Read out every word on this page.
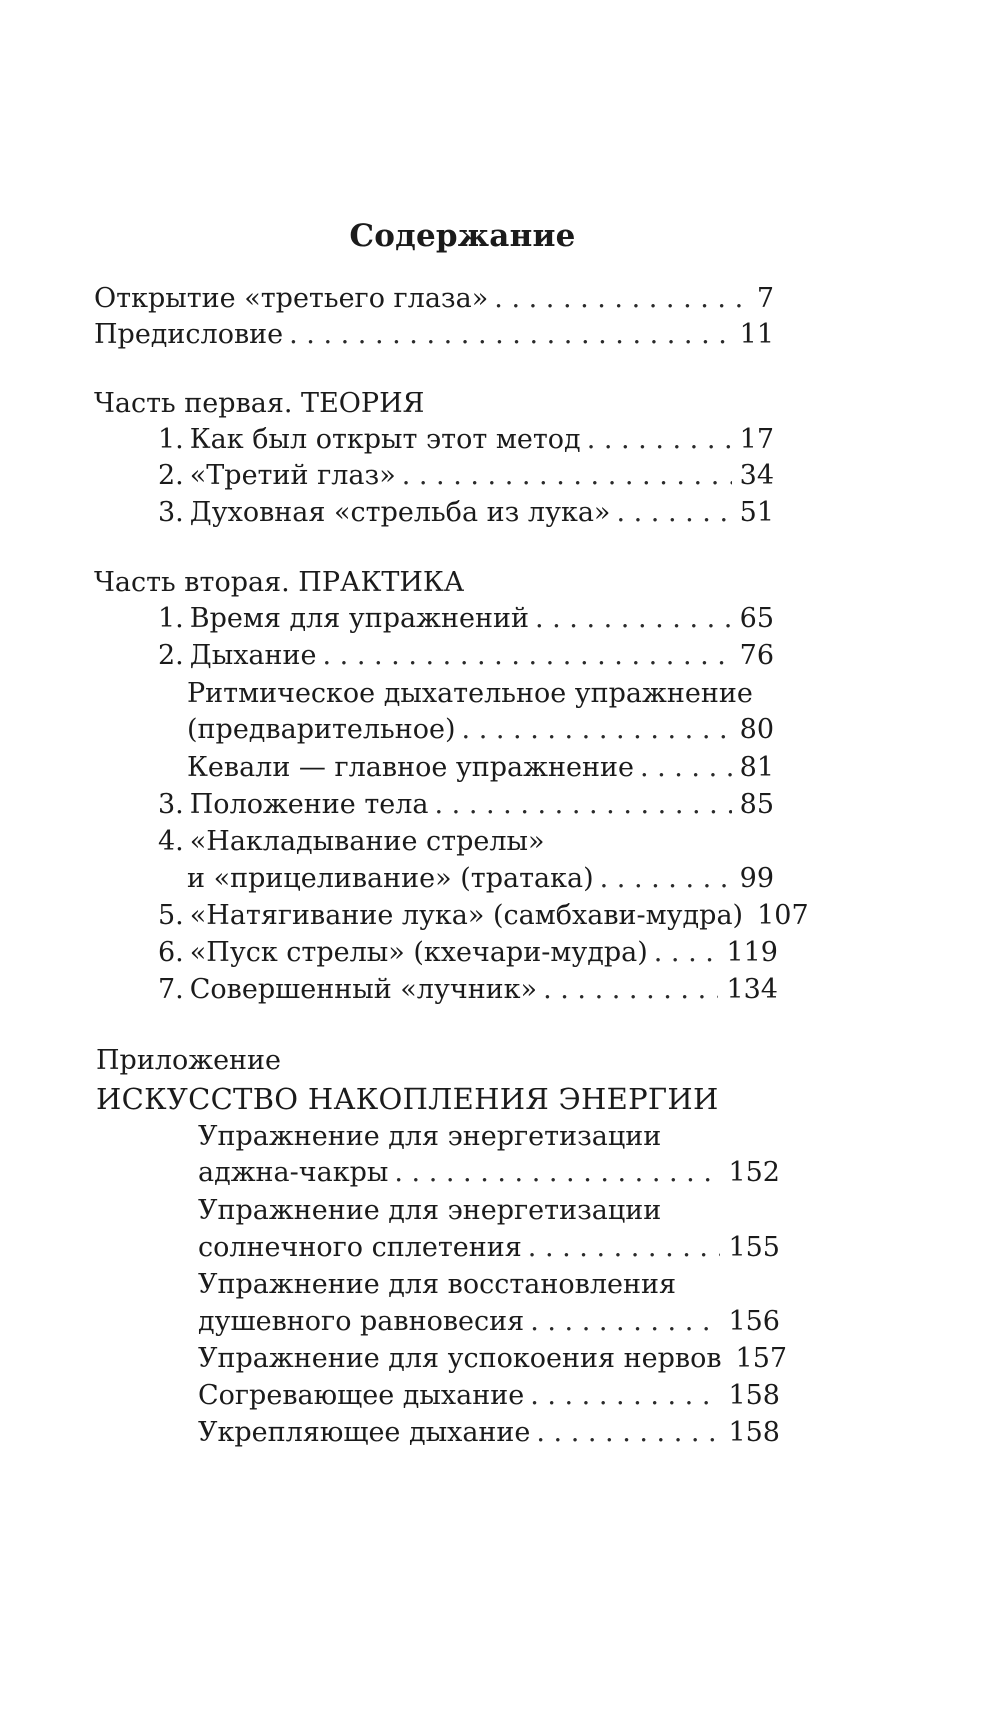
Содержание
Открытие «третьего глаза» . . .	7
Предисловие . . .	11
Часть первая. ТЕОРИЯ
1. Как был открыт этот метод . . .	17
2. «Третий глаз» . . .	34
3. Духовная «стрельба из лука» . . .	51
Часть вторая. ПРАКТИКА
1. Время для упражнений . . .	65
2. Дыхание . . .	76
Ритмическое дыхательное упражнение
(предварительное) . . .	80
Кевали — главное упражнение . . .	81
3. Положение тела . . .	85
4. «Накладывание стрелы»
и «прицеливание» (тратака) . . .	99
5. «Натягивание лука» (самбхави-мудра) 107
6. «Пуск стрелы» (кхечари-мудра) . . .	119
7. Совершенный «лучник» . . .	134
Приложение
ИСКУССТВО НАКОПЛЕНИЯ ЭНЕРГИИ
Упражнение для энергетизации
аджна-чакры . . .	152
Упражнение для энергетизации
солнечного сплетения . . .	155
Упражнение для восстановления
душевного равновесия . . .	156
Упражнение для успокоения нервов 157
Согревающее дыхание . . .	158
Укрепляющее дыхание . . .	158
